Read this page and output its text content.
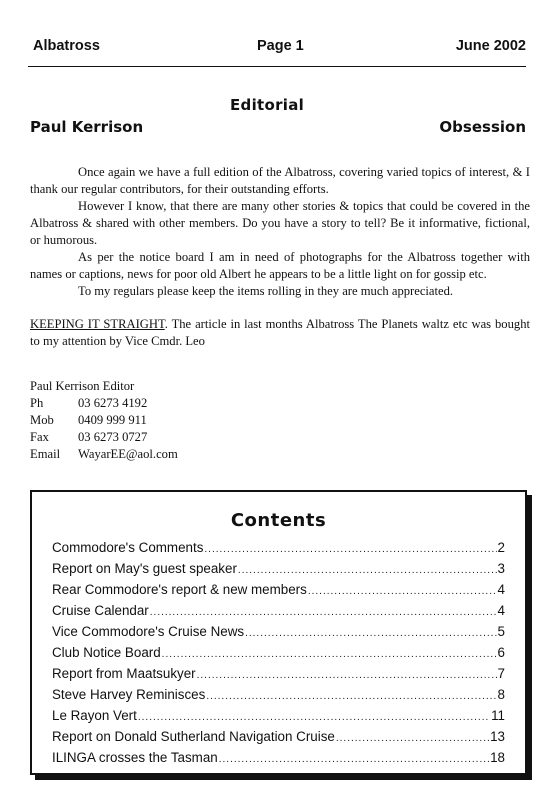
Albatross	Page 1	June 2002
Editorial
Paul Kerrison	Obsession

Once again we have a full edition of the Albatross, covering varied topics of interest, & I thank our regular contributors, for their outstanding efforts.

However I know, that there are many other stories & topics that could be covered in the Albatross & shared with other members. Do you have a story to tell? Be it informative, fictional, or humorous.

As per the notice board I am in need of photographs for the Albatross together with names or captions, news for poor old Albert he appears to be a little light on for gossip etc.

To my regulars please keep the items rolling in they are much appreciated.

KEEPING IT STRAIGHT. The article in last months Albatross The Planets waltz etc was bought to my attention by Vice Cmdr. Leo

Paul Kerrison Editor
Ph	03 6273 4192
Mob 0409 999 911
Fax 03 6273 0727
Email WayarEE@aol.com
Contents
Commodore's Comments .....	2
Report on May's guest speaker .....	3
Rear Commodore's report & new members .....	4
Cruise Calendar .....	4
Vice Commodore's Cruise News .....	5
Club Notice Board .....	6
Report from Maatsukyer .....	7
Steve Harvey Reminisces .....	8
Le Rayon Vert .....	11
Report on Donald Sutherland Navigation Cruise .....	13
ILINGA crosses the Tasman .....	18
